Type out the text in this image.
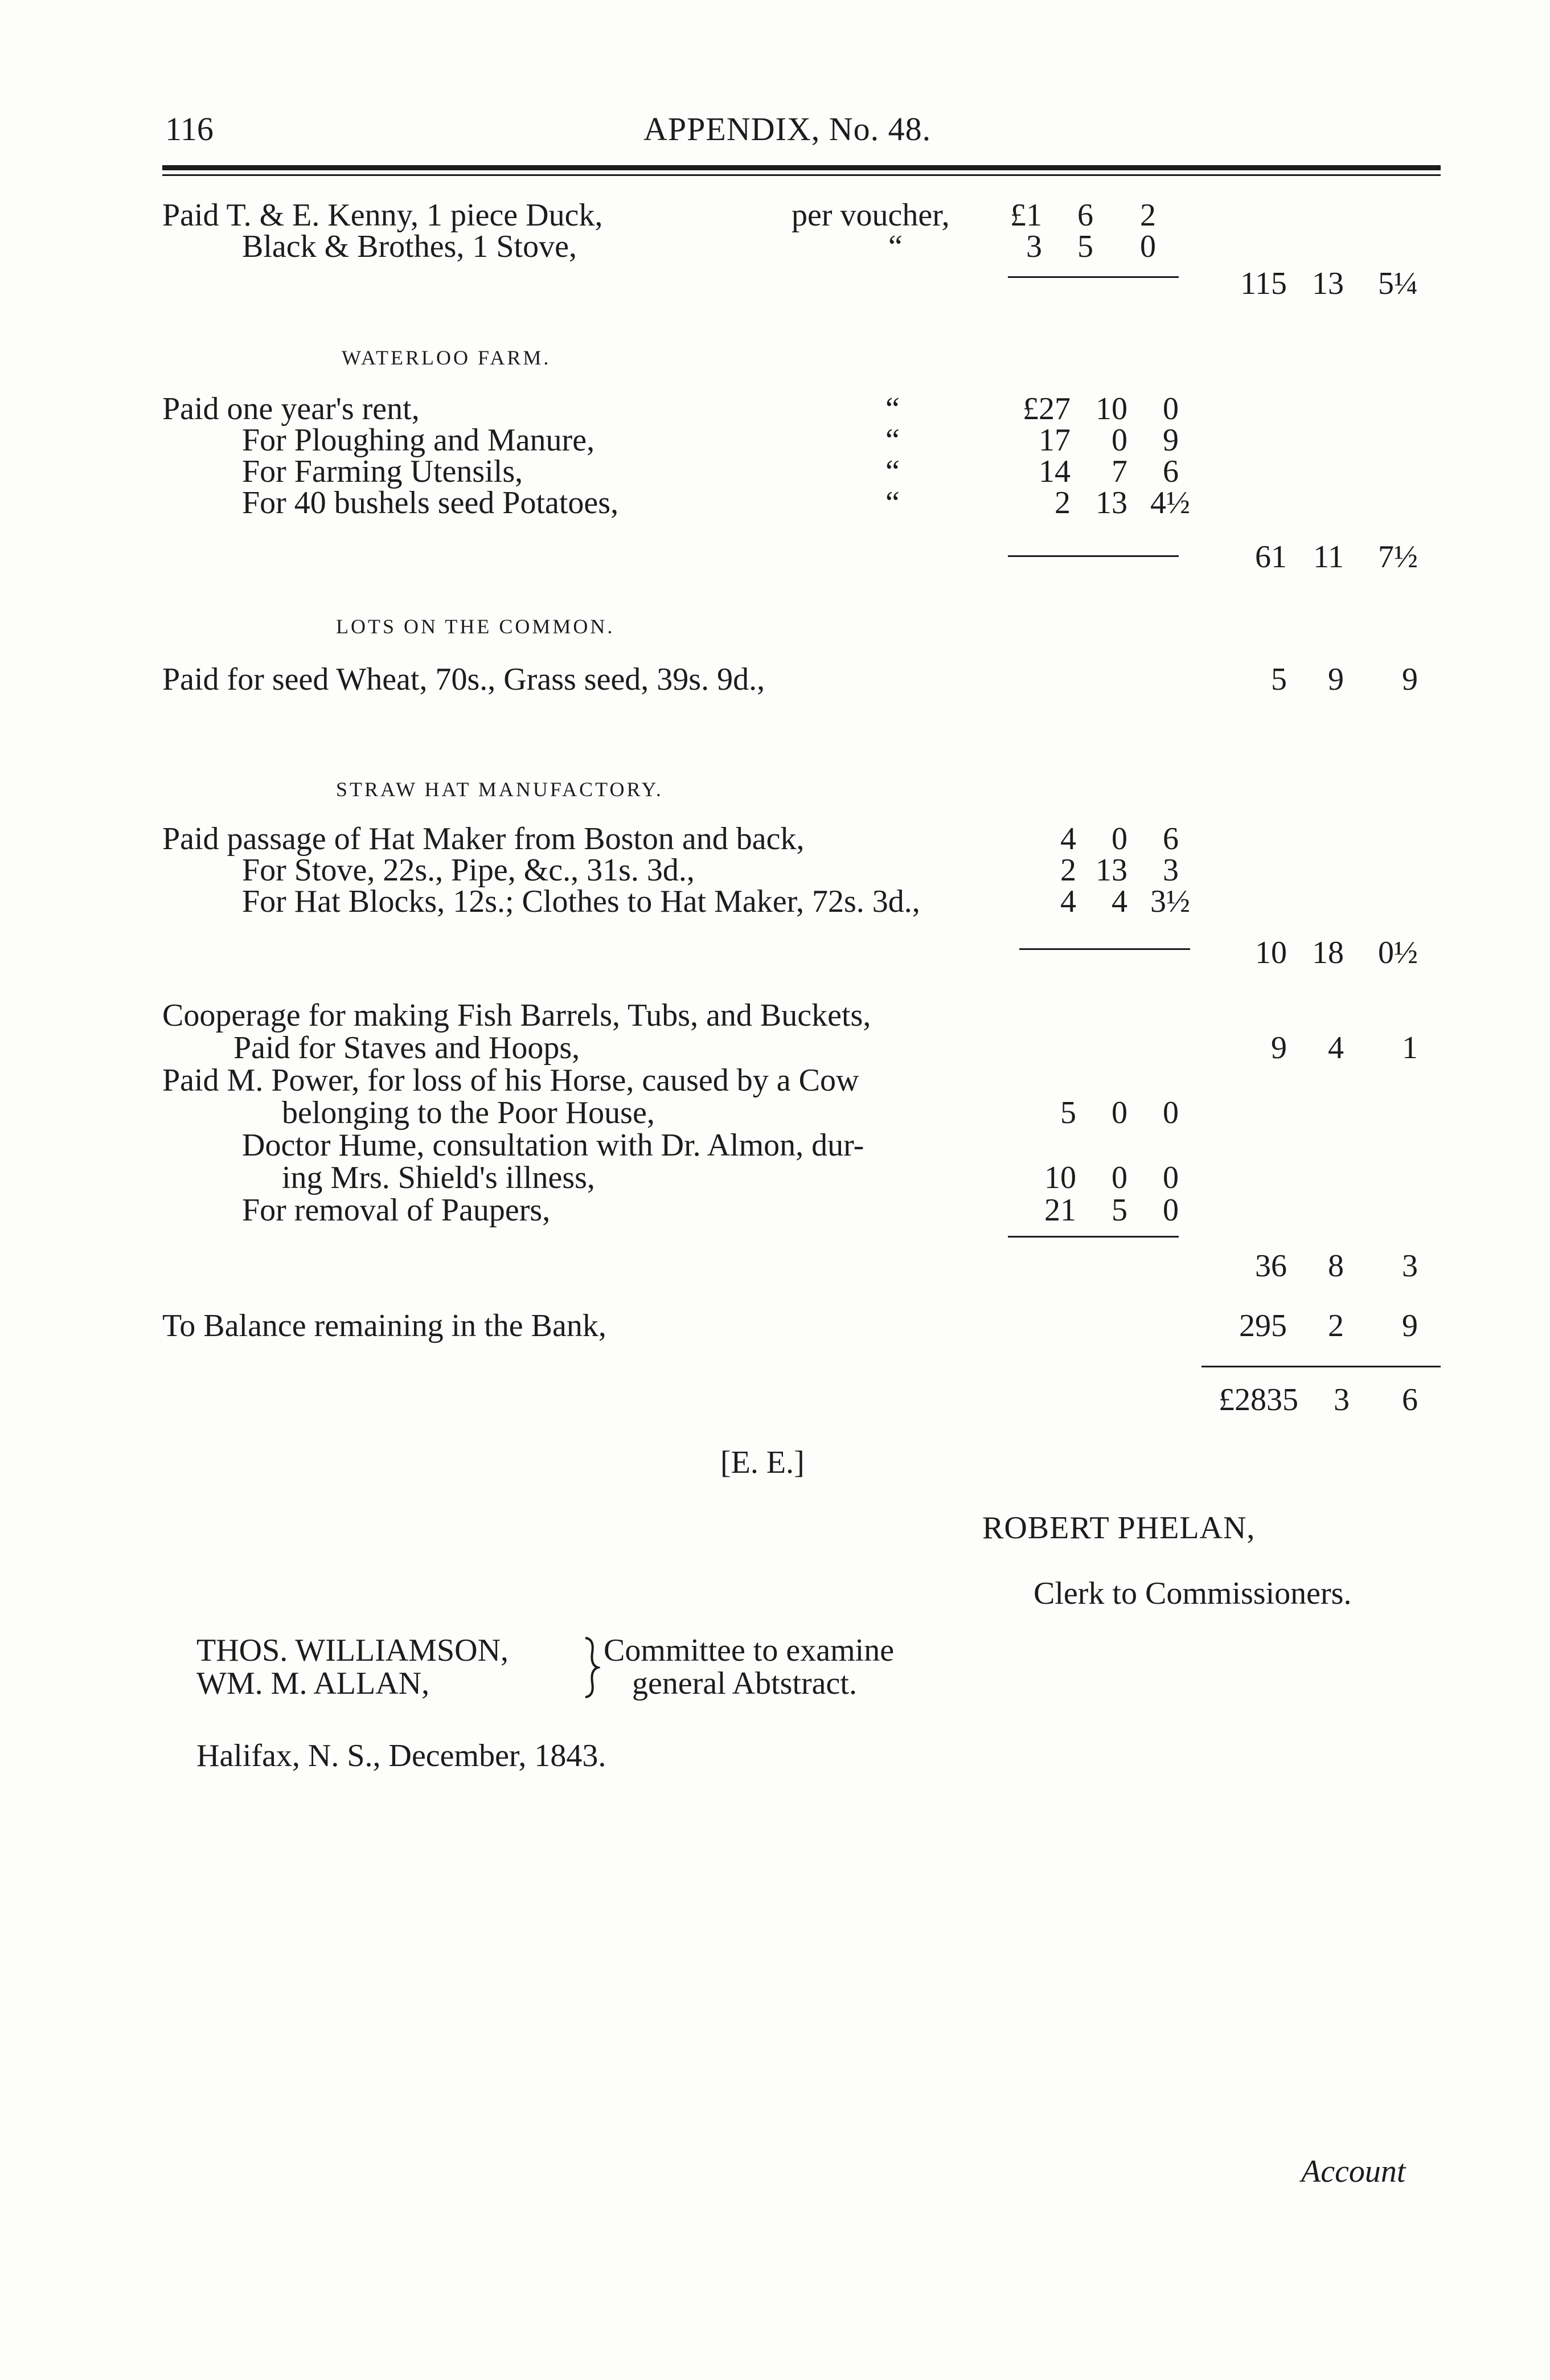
116	APPENDIX, No. 48.
Paid T. & E. Kenny, 1 piece Duck,	per voucher,	£1	6	2
Black & Brothes, 1 Stove,	“	3	5	0
115 13	5¼
WATERLOO FARM.
Paid one year's rent,	“	£27 10	0
For Ploughing and Manure,	“	17	0	9
For Farming Utensils,	“	14	7	6
For 40 bushels seed Potatoes,	“	2 13 4½
61 11	7½
LOTS ON THE COMMON.
Paid for seed Wheat, 70s., Grass seed, 39s. 9d.,	5	9	9
STRAW HAT MANUFACTORY.
Paid passage of Hat Maker from Boston and back,	4	0	6
For Stove, 22s., Pipe, &c., 31s. 3d.,	2 13	3
For Hat Blocks, 12s.; Clothes to Hat Maker, 72s. 3d.,	4	4 3½
10 18	0½
Cooperage for making Fish Barrels, Tubs, and Buckets,
Paid for Staves and Hoops,	9	4	1
Paid M. Power, for loss of his Horse, caused by a Cow
belonging to the Poor House,	5	0	0
Doctor Hume, consultation with Dr. Almon, dur-
ing Mrs. Shield's illness,	10	0	0
For removal of Paupers,	21	5	0
36	8	3
To Balance remaining in the Bank,	295	2	9
£2835	3	6
[E. E.]
ROBERT PHELAN,
Clerk to Commissioners.
THOS. WILLIAMSON,
WM. M. ALLAN,
Committee to examine
general Abtstract.
Halifax, N. S., December, 1843.
Account
